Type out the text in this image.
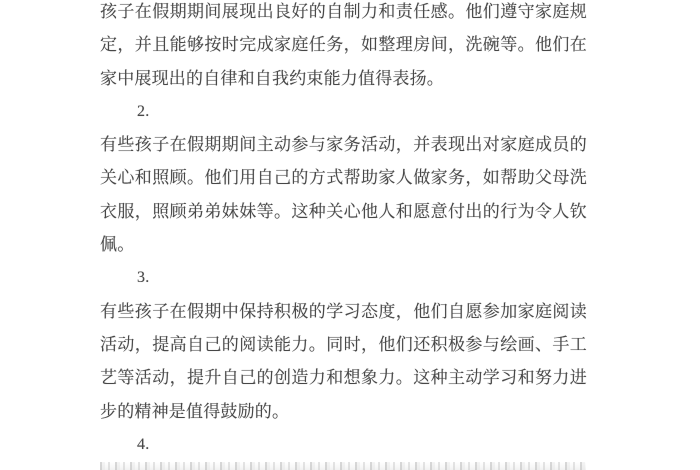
孩子在假期期间展现出良好的自制力和责任感。他们遵守家庭规定，并且能够按时完成家庭任务，如整理房间，洗碗等。他们在家中展现出的自律和自我约束能力值得表扬。

2.

有些孩子在假期期间主动参与家务活动，并表现出对家庭成员的关心和照顾。他们用自己的方式帮助家人做家务，如帮助父母洗衣服，照顾弟弟妹妹等。这种关心他人和愿意付出的行为令人钦佩。

3.

有些孩子在假期中保持积极的学习态度，他们自愿参加家庭阅读活动，提高自己的阅读能力。同时，他们还积极参与绘画、手工艺等活动，提升自己的创造力和想象力。这种主动学习和努力进步的精神是值得鼓励的。

4.
